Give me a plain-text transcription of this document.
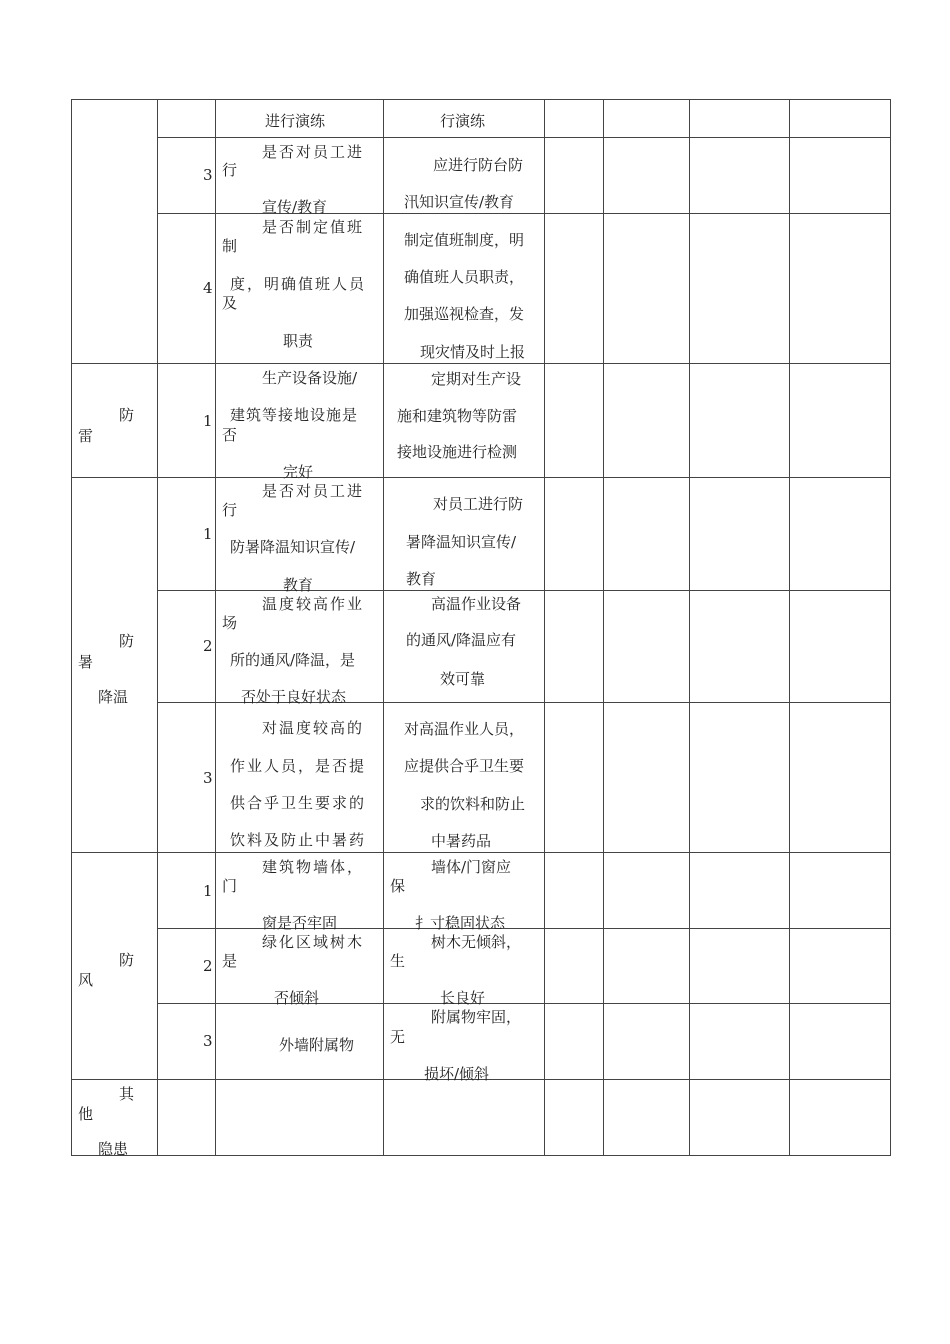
进行演练	行演练
3
是否对员工进
行
宣传/教育
应进行防台防
汛知识宣传/教育
4
是否制定值班
制
度，明确值班人员
及
职责
制定值班制度，明
确值班人员职责，
加强巡视检查，发
现灾情及时上报
防
雷
1
生产设备设施/
建筑等接地设施是
否
完好
定期对生产设
施和建筑物等防雷
接地设施进行检测
防
暑
降温
1
是否对员工进
行
防暑降温知识宣传/
教育
对员工进行防
暑降温知识宣传/
教育
2
温度较高作业
场
所的通风/降温，是
否处于良好状态
高温作业设备
的通风/降温应有
效可靠
3
对温度较高的
作业人员，是否提
供合乎卫生要求的
饮料及防止中暑药
对高温作业人员，
应提供合乎卫生要
求的饮料和防止
中暑药品
防
风
1
建筑物墙体，
门
窗是否牢固
墙体/门窗应
保
扌寸稳固状态
2
绿化区域树木
是
否倾斜
树木无倾斜，
生
长良好
3	外墙附属物
附属物牢固，
无
损坏/倾斜
其
他
隐患
